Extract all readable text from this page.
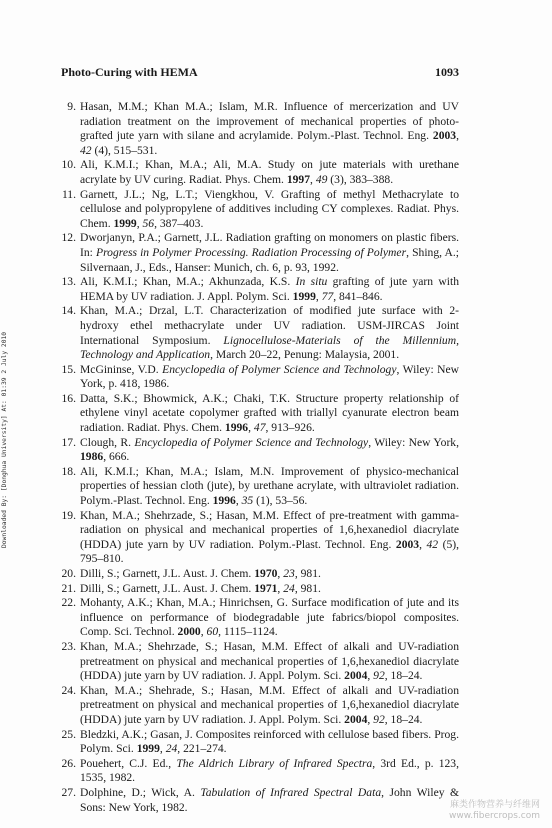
Photo-Curing with HEMA	1093
Downloaded By: [Donghua University] At: 01:39 2 July 2010
9. Hasan, M.M.; Khan M.A.; Islam, M.R. Influence of mercerization and UV radiation treatment on the improvement of mechanical properties of photo-grafted jute yarn with silane and acrylamide. Polym.-Plast. Technol. Eng. 2003, 42 (4), 515–531.
10. Ali, K.M.I.; Khan, M.A.; Ali, M.A. Study on jute materials with urethane acrylate by UV curing. Radiat. Phys. Chem. 1997, 49 (3), 383–388.
11. Garnett, J.L.; Ng, L.T.; Viengkhou, V. Grafting of methyl Methacrylate to cellulose and polypropylene of additives including CY complexes. Radiat. Phys. Chem. 1999, 56, 387–403.
12. Dworjanyn, P.A.; Garnett, J.L. Radiation grafting on monomers on plastic fibers. In: Progress in Polymer Processing. Radiation Processing of Polymer, Shing, A.; Silvernaan, J., Eds., Hanser: Munich, ch. 6, p. 93, 1992.
13. Ali, K.M.I.; Khan, M.A.; Akhunzada, K.S. In situ grafting of jute yarn with HEMA by UV radiation. J. Appl. Polym. Sci. 1999, 77, 841–846.
14. Khan, M.A.; Drzal, L.T. Characterization of modified jute surface with 2-hydroxy ethel methacrylate under UV radiation. USM-JIRCAS Joint International Symposium. Lignocellulose-Materials of the Millennium, Technology and Application, March 20–22, Penung: Malaysia, 2001.
15. McGininse, V.D. Encyclopedia of Polymer Science and Technology, Wiley: New York, p. 418, 1986.
16. Datta, S.K.; Bhowmick, A.K.; Chaki, T.K. Structure property relationship of ethylene vinyl acetate copolymer grafted with triallyl cyanurate electron beam radiation. Radiat. Phys. Chem. 1996, 47, 913–926.
17. Clough, R. Encyclopedia of Polymer Science and Technology, Wiley: New York, 1986, 666.
18. Ali, K.M.I.; Khan, M.A.; Islam, M.N. Improvement of physico-mechanical properties of hessian cloth (jute), by urethane acrylate, with ultraviolet radiation. Polym.-Plast. Technol. Eng. 1996, 35 (1), 53–56.
19. Khan, M.A.; Shehrzade, S.; Hasan, M.M. Effect of pre-treatment with gamma-radiation on physical and mechanical properties of 1,6,hexanediol diacrylate (HDDA) jute yarn by UV radiation. Polym.-Plast. Technol. Eng. 2003, 42 (5), 795–810.
20. Dilli, S.; Garnett, J.L. Aust. J. Chem. 1970, 23, 981.
21. Dilli, S.; Garnett, J.L. Aust. J. Chem. 1971, 24, 981.
22. Mohanty, A.K.; Khan, M.A.; Hinrichsen, G. Surface modification of jute and its influence on performance of biodegradable jute fabrics/biopol composites. Comp. Sci. Technol. 2000, 60, 1115–1124.
23. Khan, M.A.; Shehrzade, S.; Hasan, M.M. Effect of alkali and UV-radiation pretreatment on physical and mechanical properties of 1,6,hexanediol diacrylate (HDDA) jute yarn by UV radiation. J. Appl. Polym. Sci. 2004, 92, 18–24.
24. Khan, M.A.; Shehrade, S.; Hasan, M.M. Effect of alkali and UV-radiation pretreatment on physical and mechanical properties of 1,6,hexanediol diacrylate (HDDA) jute yarn by UV radiation. J. Appl. Polym. Sci. 2004, 92, 18–24.
25. Bledzki, A.K.; Gasan, J. Composites reinforced with cellulose based fibers. Prog. Polym. Sci. 1999, 24, 221–274.
26. Pouehert, C.J. Ed., The Aldrich Library of Infrared Spectra, 3rd Ed., p. 123, 1535, 1982.
27. Dolphine, D.; Wick, A. Tabulation of Infrared Spectral Data, John Wiley & Sons: New York, 1982.	麻类作物营养与纤维网
www.fibercrops.com
